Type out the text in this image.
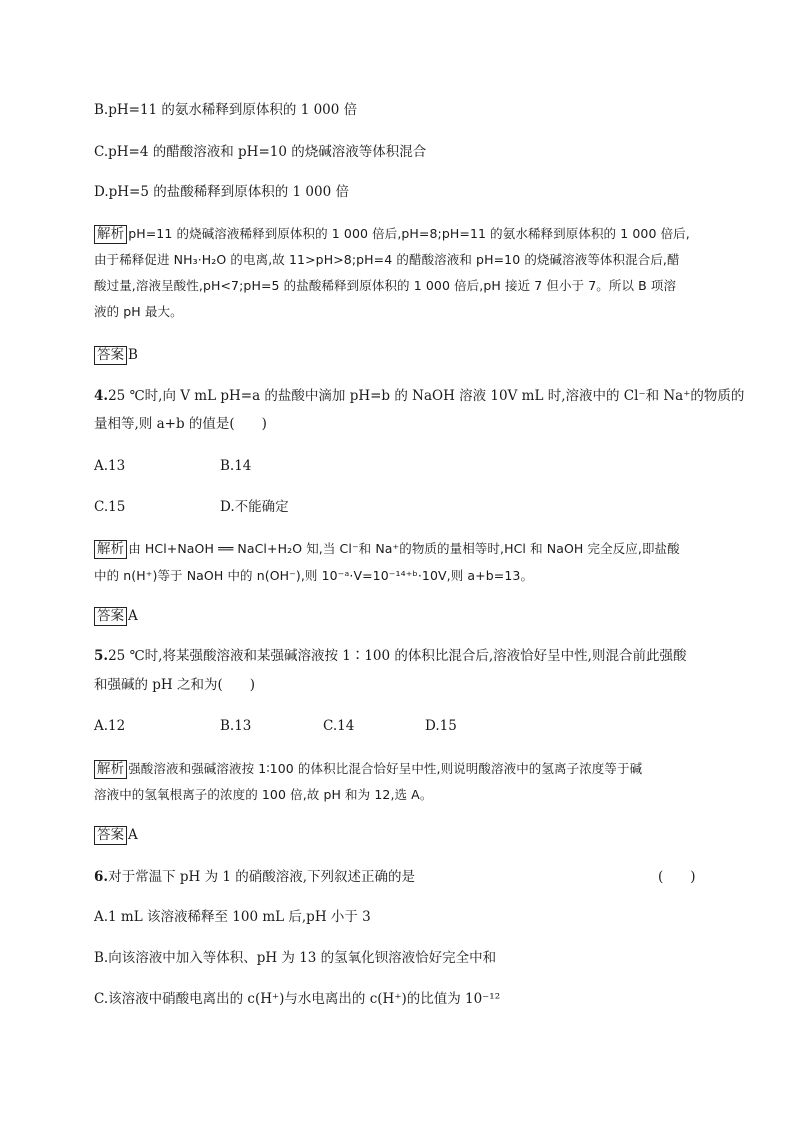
B.pH=11 的氨水稀释到原体积的 1 000 倍
C.pH=4 的醋酸溶液和 pH=10 的烧碱溶液等体积混合
D.pH=5 的盐酸稀释到原体积的 1 000 倍
解析 pH=11 的烧碱溶液稀释到原体积的 1 000 倍后,pH=8;pH=11 的氨水稀释到原体积的 1 000 倍后,
由于稀释促进 NH₃·H₂O 的电离,故 11>pH>8;pH=4 的醋酸溶液和 pH=10 的烧碱溶液等体积混合后,醋
酸过量,溶液呈酸性,pH<7;pH=5 的盐酸稀释到原体积的 1 000 倍后,pH 接近 7 但小于 7。所以 B 项溶
液的 pH 最大。
答案 B
4.25 ℃时,向 V mL pH=a 的盐酸中滴加 pH=b 的 NaOH 溶液 10V mL 时,溶液中的 Cl⁻和 Na⁺的物质的
量相等,则 a+b 的值是(　　)
A.13	B.14
C.15	D.不能确定
解析 由 HCl+NaOH ══ NaCl+H₂O 知,当 Cl⁻和 Na⁺的物质的量相等时,HCl 和 NaOH 完全反应,即盐酸
中的 n(H⁺)等于 NaOH 中的 n(OH⁻),则 10⁻ᵃ·V=10⁻¹⁴⁺ᵇ·10V,则 a+b=13。
答案 A
5.25 ℃时,将某强酸溶液和某强碱溶液按 1∶100 的体积比混合后,溶液恰好呈中性,则混合前此强酸
和强碱的 pH 之和为(　　)
A.12	B.13	C.14	D.15
解析 强酸溶液和强碱溶液按 1∶100 的体积比混合恰好呈中性,则说明酸溶液中的氢离子浓度等于碱
溶液中的氢氧根离子的浓度的 100 倍,故 pH 和为 12,选 A。
答案 A
6.对于常温下 pH 为 1 的硝酸溶液,下列叙述正确的是	(　　)
A.1 mL 该溶液稀释至 100 mL 后,pH 小于 3
B.向该溶液中加入等体积、pH 为 13 的氢氧化钡溶液恰好完全中和
C.该溶液中硝酸电离出的 c(H⁺)与水电离出的 c(H⁺)的比值为 10⁻¹²
